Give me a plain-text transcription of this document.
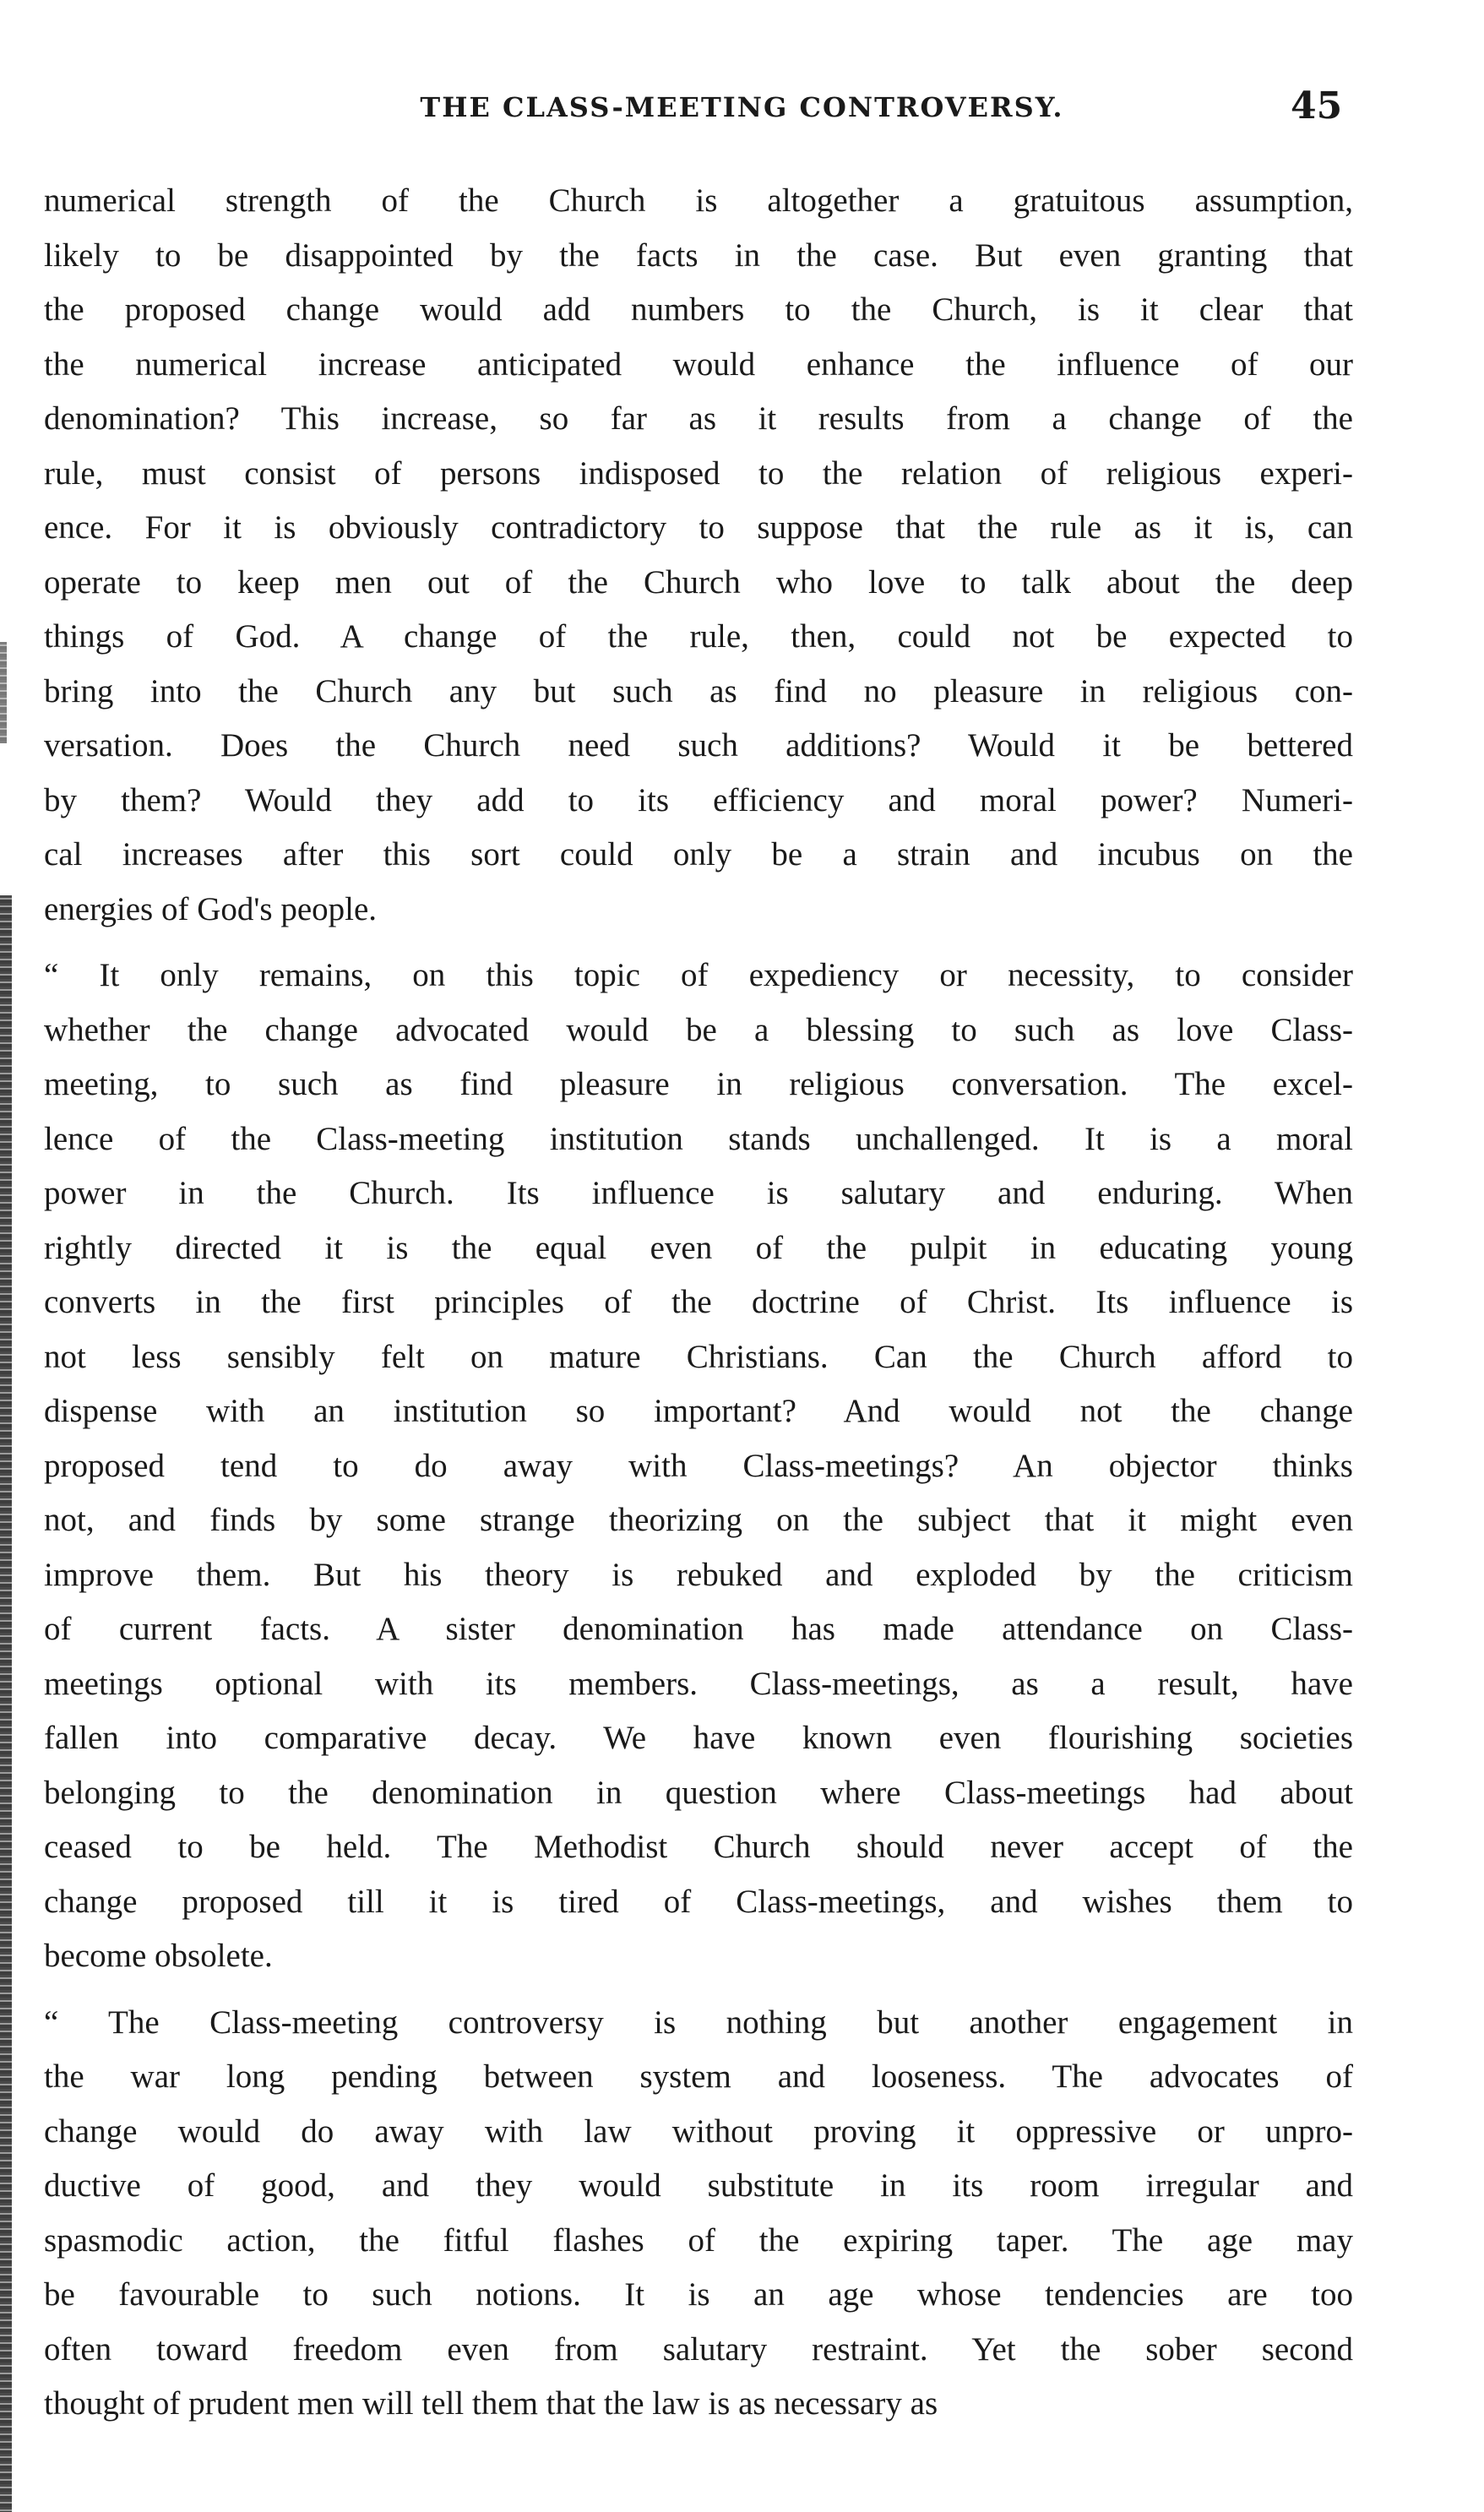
THE CLASS-MEETING CONTROVERSY.	45

numerical strength of the Church is altogether a gratuitous assumption,
likely to be disappointed by the facts in the case. But even granting that
the proposed change would add numbers to the Church, is it clear that
the numerical increase anticipated would enhance the influence of our
denomination? This increase, so far as it results from a change of the
rule, must consist of persons indisposed to the relation of religious experi-
ence. For it is obviously contradictory to suppose that the rule as it is, can
operate to keep men out of the Church who love to talk about the deep
things of God. A change of the rule, then, could not be expected to
bring into the Church any but such as find no pleasure in religious con-
versation. Does the Church need such additions? Would it be bettered
by them? Would they add to its efficiency and moral power? Numeri-
cal increases after this sort could only be a strain and incubus on the
energies of God's people.

“ It only remains, on this topic of expediency or necessity, to consider
whether the change advocated would be a blessing to such as love Class-
meeting, to such as find pleasure in religious conversation. The excel-
lence of the Class-meeting institution stands unchallenged. It is a moral
power in the Church. Its influence is salutary and enduring. When
rightly directed it is the equal even of the pulpit in educating young
converts in the first principles of the doctrine of Christ. Its influence is
not less sensibly felt on mature Christians. Can the Church afford to
dispense with an institution so important? And would not the change
proposed tend to do away with Class-meetings? An objector thinks
not, and finds by some strange theorizing on the subject that it might even
improve them. But his theory is rebuked and exploded by the criticism
of current facts. A sister denomination has made attendance on Class-
meetings optional with its members. Class-meetings, as a result, have
fallen into comparative decay. We have known even flourishing societies
belonging to the denomination in question where Class-meetings had about
ceased to be held. The Methodist Church should never accept of the
change proposed till it is tired of Class-meetings, and wishes them to
become obsolete.

“ The Class-meeting controversy is nothing but another engagement in
the war long pending between system and looseness. The advocates of
change would do away with law without proving it oppressive or unpro-
ductive of good, and they would substitute in its room irregular and
spasmodic action, the fitful flashes of the expiring taper. The age may
be favourable to such notions. It is an age whose tendencies are too
often toward freedom even from salutary restraint. Yet the sober second
thought of prudent men will tell them that the law is as necessary as
